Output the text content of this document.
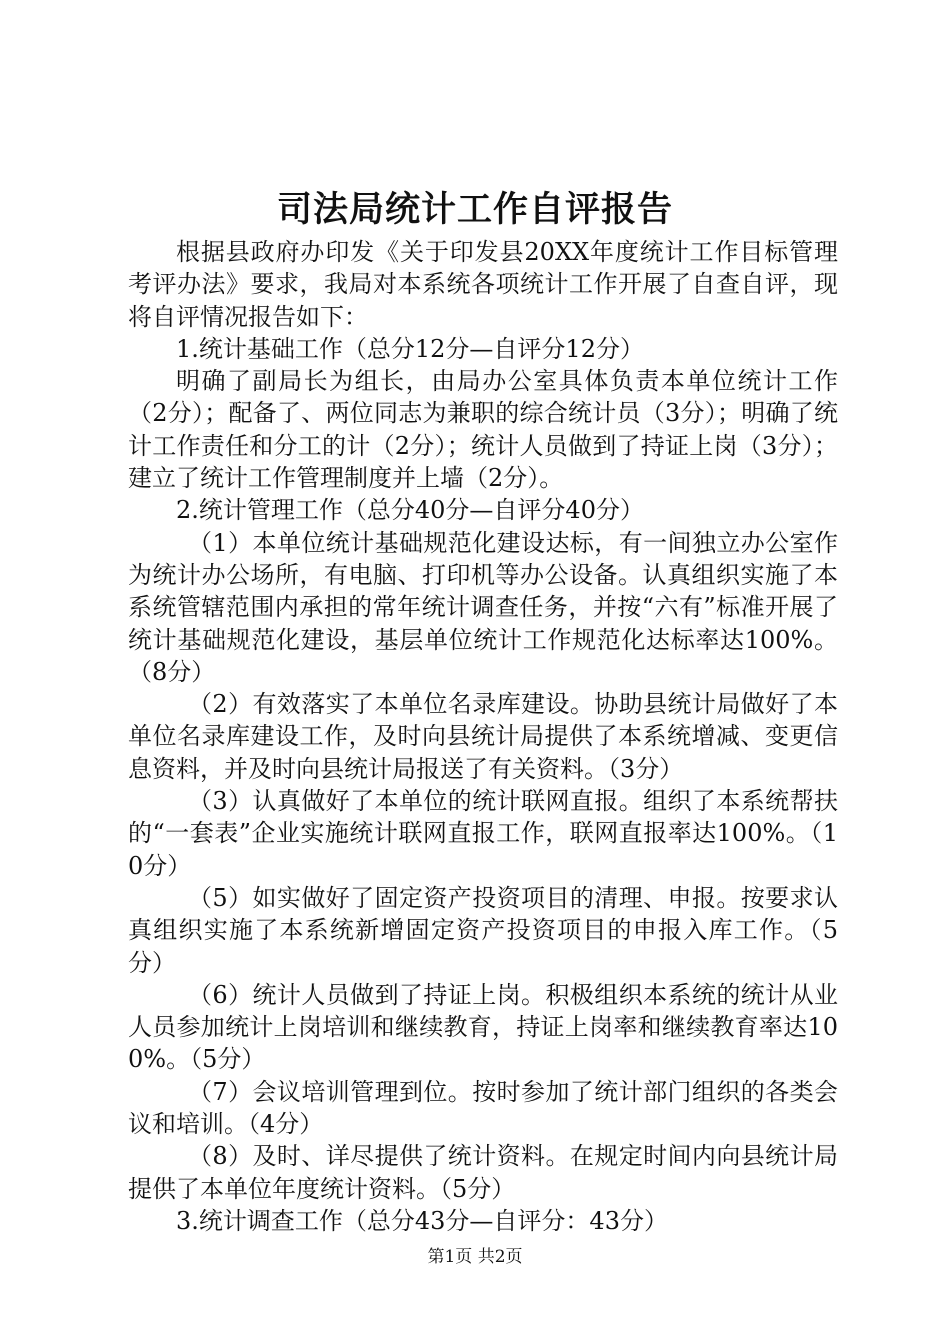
司法局统计工作自评报告

根据县政府办印发《关于印发县20XX年度统计工作目标管理考评办法》要求，我局对本系统各项统计工作开展了自查自评，现将自评情况报告如下：

1.统计基础工作（总分12分—自评分12分）

明确了副局长为组长，由局办公室具体负责本单位统计工作（2分）；配备了、两位同志为兼职的综合统计员（3分）；明确了统计工作责任和分工的计（2分）；统计人员做到了持证上岗（3分）；建立了统计工作管理制度并上墙（2分）。

2.统计管理工作（总分40分—自评分40分）

（1）本单位统计基础规范化建设达标，有一间独立办公室作为统计办公场所，有电脑、打印机等办公设备。认真组织实施了本系统管辖范围内承担的常年统计调查任务，并按“六有”标准开展了统计基础规范化建设，基层单位统计工作规范化达标率达100%。（8分）

（2）有效落实了本单位名录库建设。协助县统计局做好了本单位名录库建设工作，及时向县统计局提供了本系统增减、变更信息资料，并及时向县统计局报送了有关资料。（3分）

（3）认真做好了本单位的统计联网直报。组织了本系统帮扶的“一套表”企业实施统计联网直报工作，联网直报率达100%。（10分）

（5）如实做好了固定资产投资项目的清理、申报。按要求认真组织实施了本系统新增固定资产投资项目的申报入库工作。（5分）

（6）统计人员做到了持证上岗。积极组织本系统的统计从业人员参加统计上岗培训和继续教育，持证上岗率和继续教育率达100%。（5分）

（7）会议培训管理到位。按时参加了统计部门组织的各类会议和培训。（4分）

（8）及时、详尽提供了统计资料。在规定时间内向县统计局提供了本单位年度统计资料。（5分）

3.统计调查工作（总分43分—自评分：43分）

第1页 共2页
